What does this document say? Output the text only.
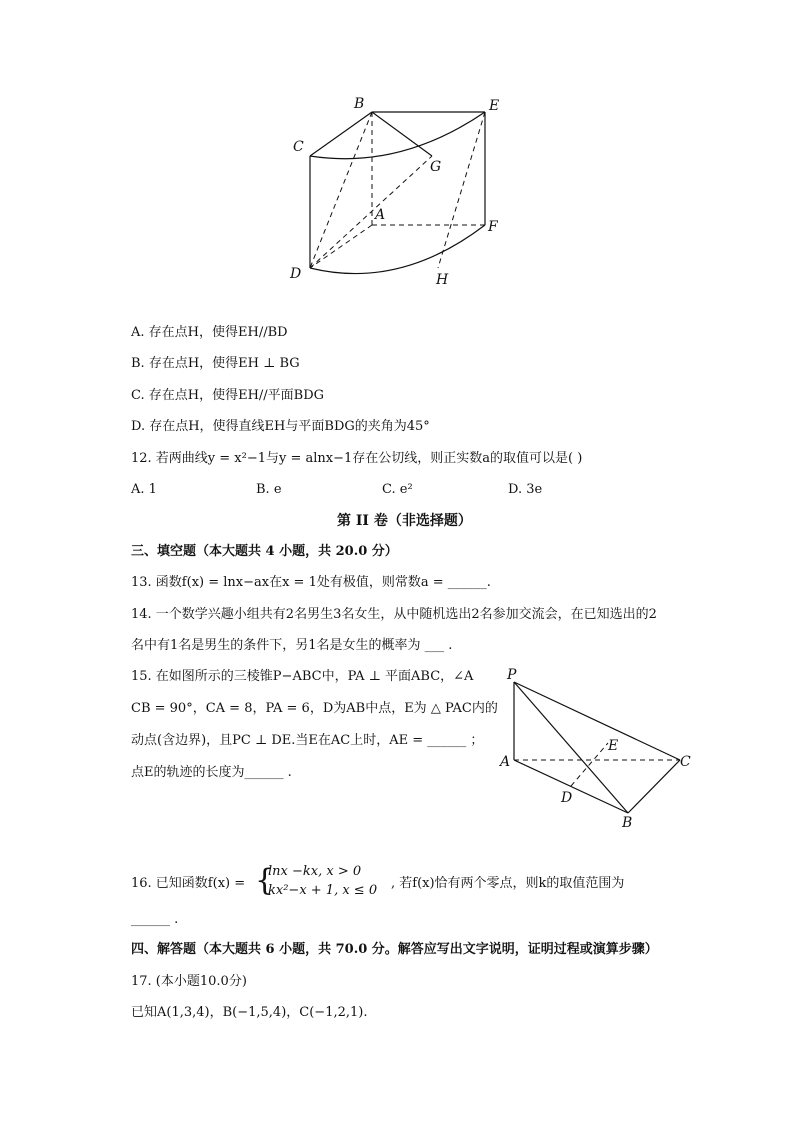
B	E
C
G
A
F
D	H
A. 存在点H，使得EH//BD
B. 存在点H，使得EH ⊥ BG
C. 存在点H，使得EH//平面BDG
D. 存在点H，使得直线EH与平面BDG的夹角为45°
12. 若两曲线y = x²−1与y = alnx−1存在公切线，则正实数a的取值可以是( )
A. 1	B. e	C. e²	D. 3e
第 II 卷（非选择题）
三、填空题（本大题共 4 小题，共 20.0 分）
13. 函数f(x) = lnx−ax在x = 1处有极值，则常数a = ______.
14. 一个数学兴趣小组共有2名男生3名女生，从中随机选出2名参加交流会，在已知选出的2
名中有1名是男生的条件下，另1名是女生的概率为 ___ .
15. 在如图所示的三棱锥P−ABC中，PA ⊥ 平面ABC，∠A
CB = 90°，CA = 8，PA = 6，D为AB中点，E为 △ PAC内的
动点(含边界)，且PC ⊥ DE.当E在AC上时，AE = ______ ；
点E的轨迹的长度为______ .
P
A
E
C
D
B
16. 已知函数f(x) = {
lnx −kx, x > 0
kx²−x + 1, x ≤ 0 , 若f(x)恰有两个零点，则k的取值范围为
______ .
四、解答题（本大题共 6 小题，共 70.0 分。解答应写出文字说明，证明过程或演算步骤）
17. (本小题10.0分)
已知A(1,3,4)，B(−1,5,4)，C(−1,2,1).
